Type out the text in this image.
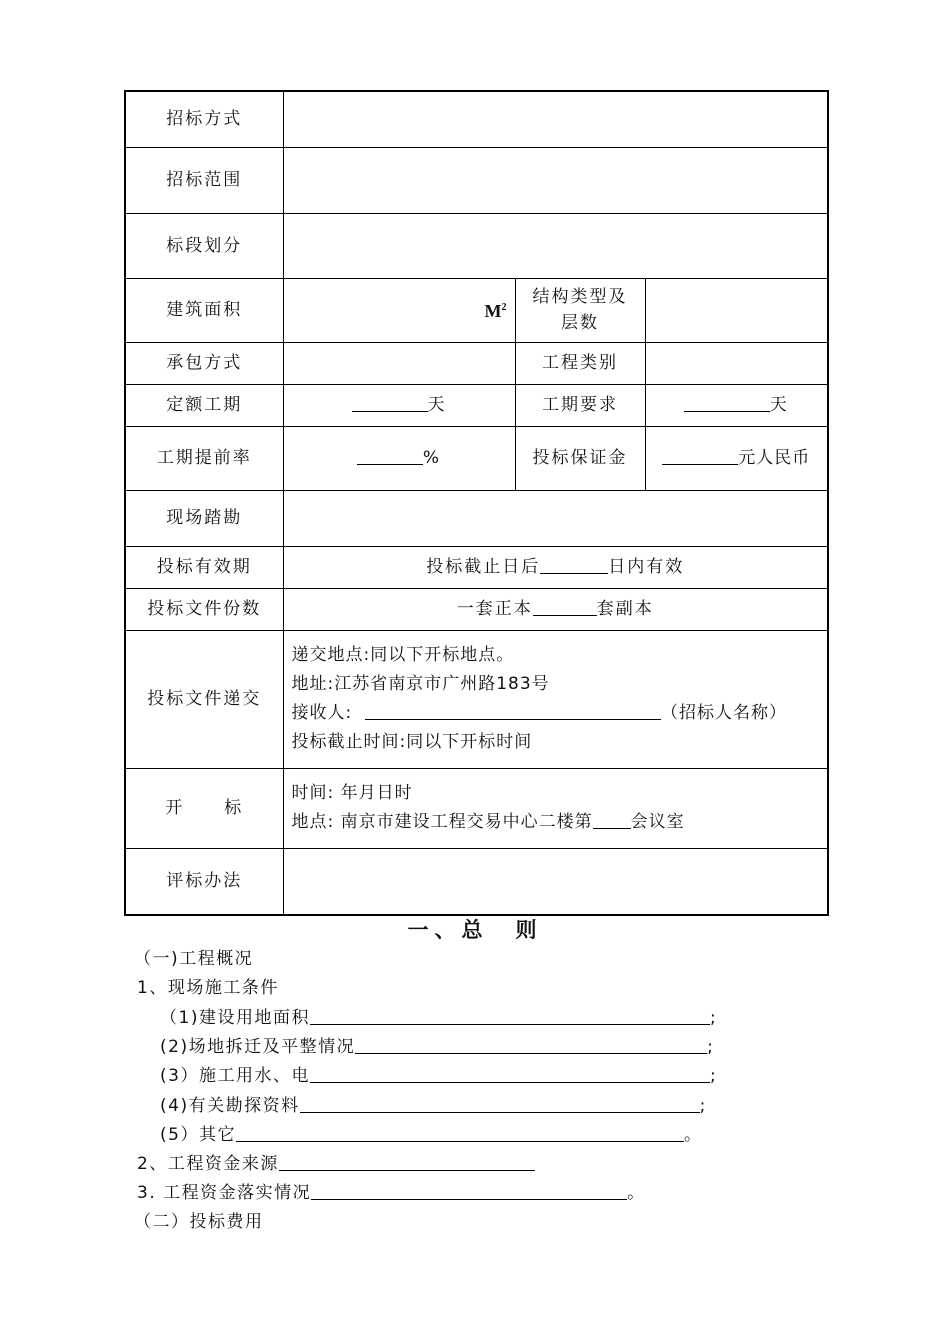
招标方式			
招标范围			
标段划分			
建筑面积	$M^2$	结构类型及层数	
承包方式		工程类别	
定额工期	天	工期要求	天
工期提前率	%	投标保证金	元人民币
现场踏勘			
投标有效期	投标截止日后 日内有效		
投标文件份数	一套正本 套副本		
投标文件递交	递交地点:同以下开标地点。
地址:江苏省南京市广州路183号
接收人: （招标人名称）
投标截止时间:同以下开标时间		

开 标	时间: 年月日时
地点: 南京市建设工程交易中心二楼第 会议室		

评标办法			
一、总　则
（一)工程概况
1、现场施工条件
（1)建设用地面积	;
(2)场地拆迁及平整情况	;
(3）施工用水、电	;
(4)有关勘探资料	;
(5）其它	。
2、工程资金来源
3. 工程资金落实情况	。
（二）投标费用
